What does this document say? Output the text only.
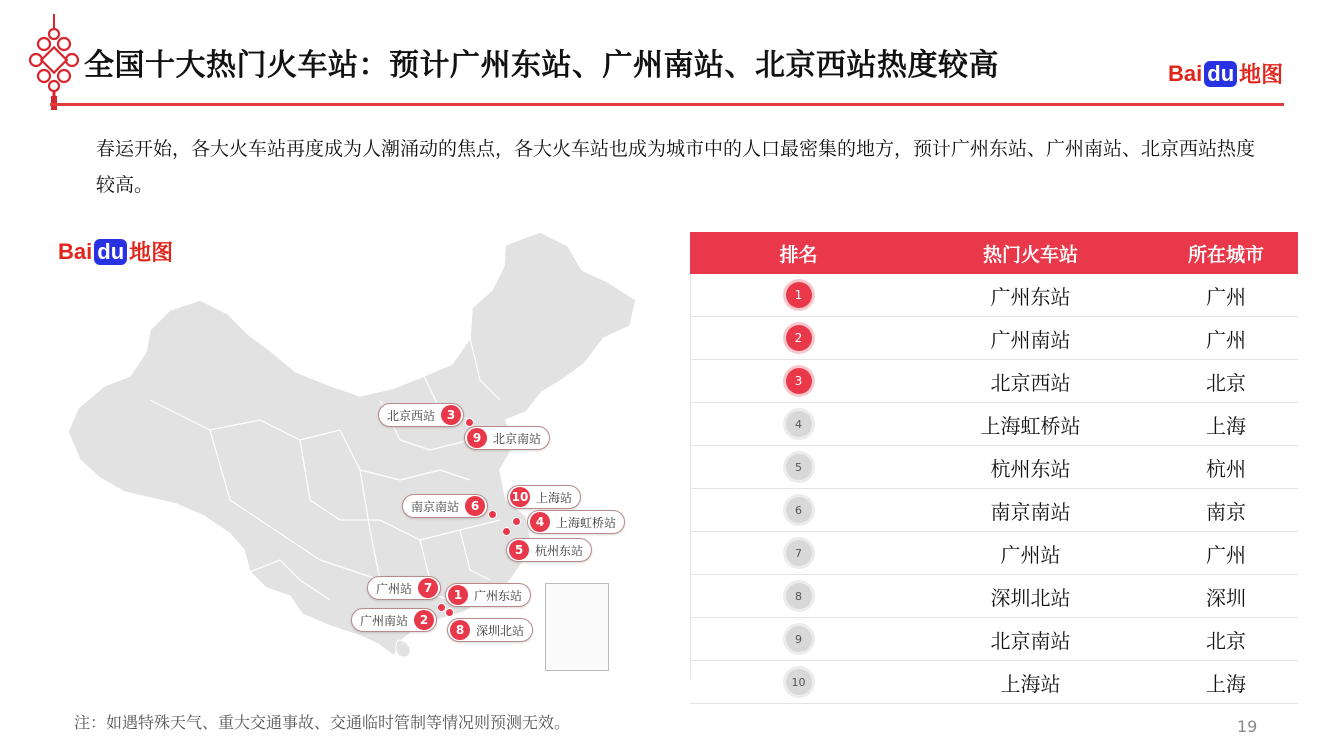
全国十大热门火车站：预计广州东站、广州南站、北京西站热度较高	Bai du 地图
春运开始，各大火车站再度成为人潮涌动的焦点，各大火车站也成为城市中的人口最密集的地方，预计广州东站、广州南站、北京西站热度较高。
Bai du 地图
北京西站 3
9 北京南站
南京南站 6
10 上海站
4 上海虹桥站
5 杭州东站
广州站 7	1 广州东站
广州南站 2
8 深圳北站
排名	热门火车站	所在城市
1	广州东站	广州
2	广州南站	广州
3	北京西站	北京
4	上海虹桥站	上海
5	杭州东站	杭州
6	南京南站	南京
7	广州站	广州
8	深圳北站	深圳
9	北京南站	北京
10	上海站	上海
注：如遇特殊天气、重大交通事故、交通临时管制等情况则预测无效。	19
